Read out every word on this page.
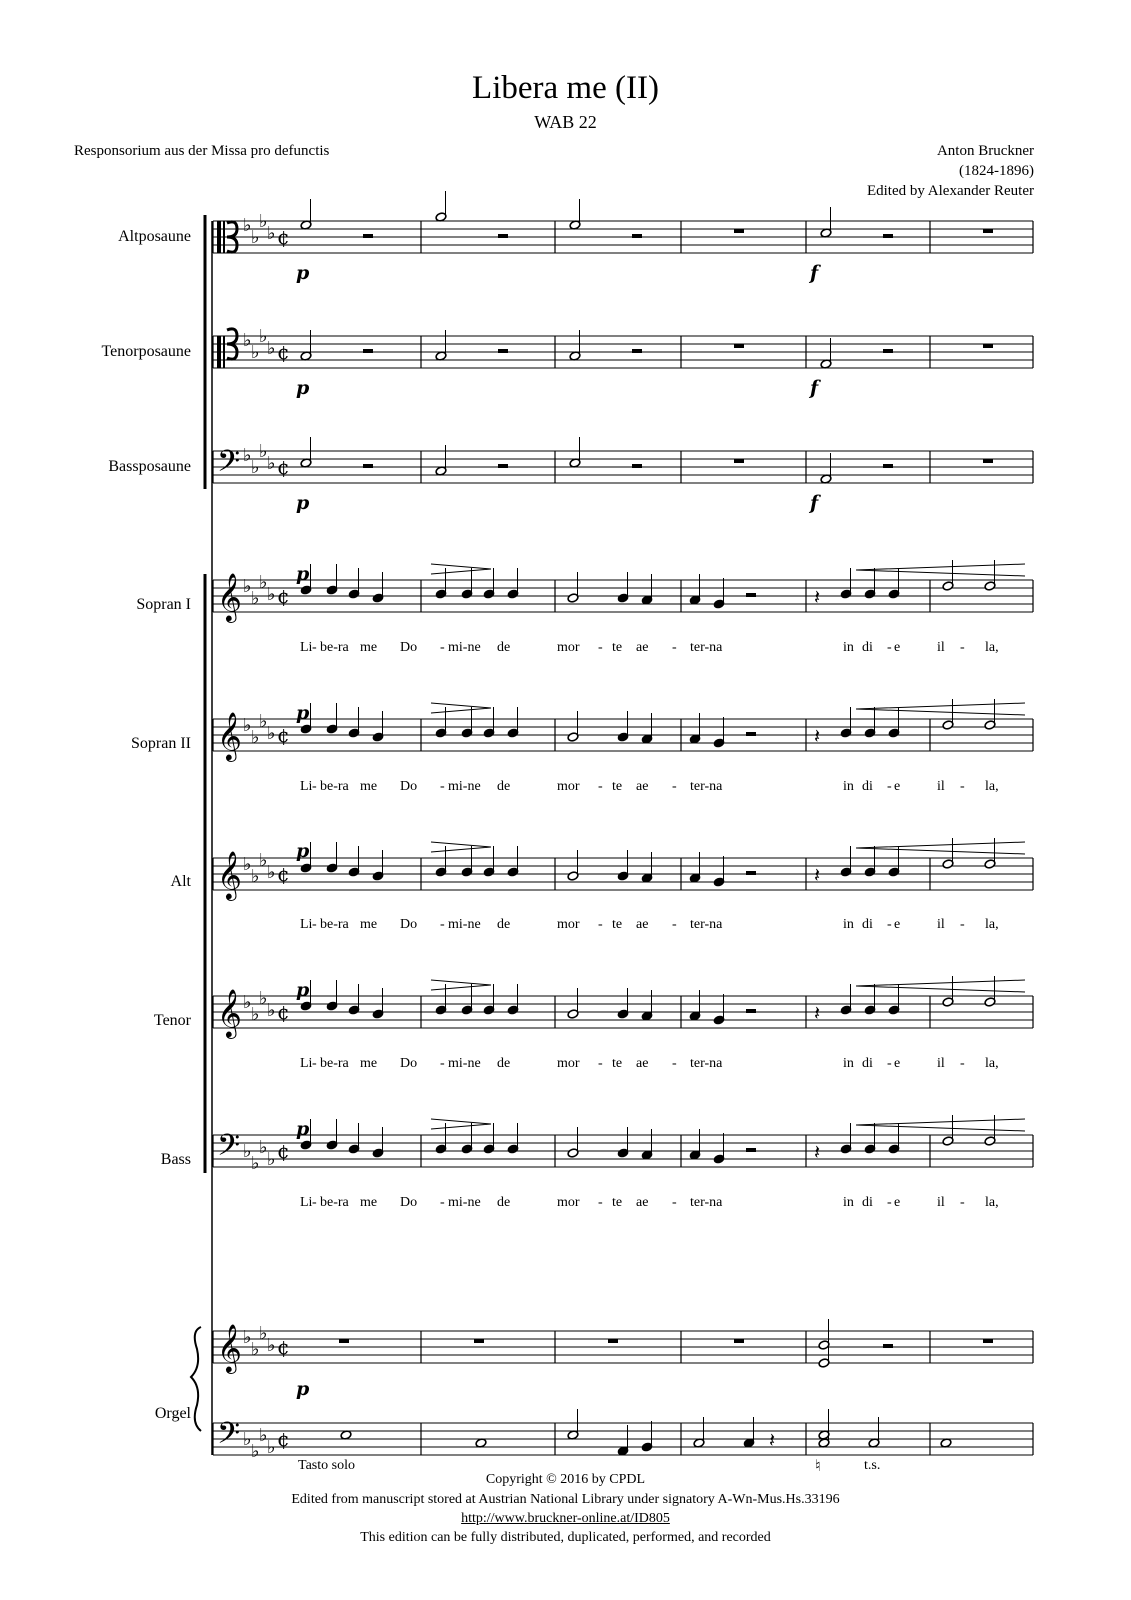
Libera me (II)
WAB 22
Responsorium aus der Missa pro defunctis	Anton Bruckner
(1824-1896)
Edited by Alexander Reuter
Altposaune
Tenorposaune
Bassposaune
Sopran I
Sopran II
Alt
Tenor
Bass
Orgel
p	f
p	f
p	f
p
p
p
p
p
p
Li - be-ra me Do - mi-ne de	mor - te ae - ter-na	in di - e	il - la,
Li - be-ra me Do - mi-ne de	mor - te ae - ter-na	in di - e	il - la,
Li - be-ra me Do - mi-ne de	mor - te ae - ter-na	in di - e	il - la,
Li - be-ra me Do - mi-ne de	mor - te ae - ter-na	in di - e	il - la,
Li - be-ra me Do - mi-ne de	mor - te ae - ter-na	in di - e	il - la,
Tasto solo	t.s.
♮
Copyright © 2016 by CPDL
Edited from manuscript stored at Austrian National Library under signatory A-Wn-Mus.Hs.33196
http://www.bruckner-online.at/ID805
This edition can be fully distributed, duplicated, performed, and recorded
♭
♭
♭
♭ ¢
♭
♭
♭
♭ ¢
𝄢 ♭
♭
♭
♭ ¢
𝄞 ♭
♭
♭
♭ ¢	𝄽
𝄞 ♭
♭
♭
♭ ¢	𝄽
𝄞 ♭
♭
♭
♭ ¢	𝄽
𝄞 ♭
♭
♭
♭ ¢	𝄽
𝄢 ♭
♭
♭
♭ ¢	𝄽
𝄞 ♭
♭
♭
♭ ¢
𝄢 ♭
♭
♭
♭ ¢	𝄽
